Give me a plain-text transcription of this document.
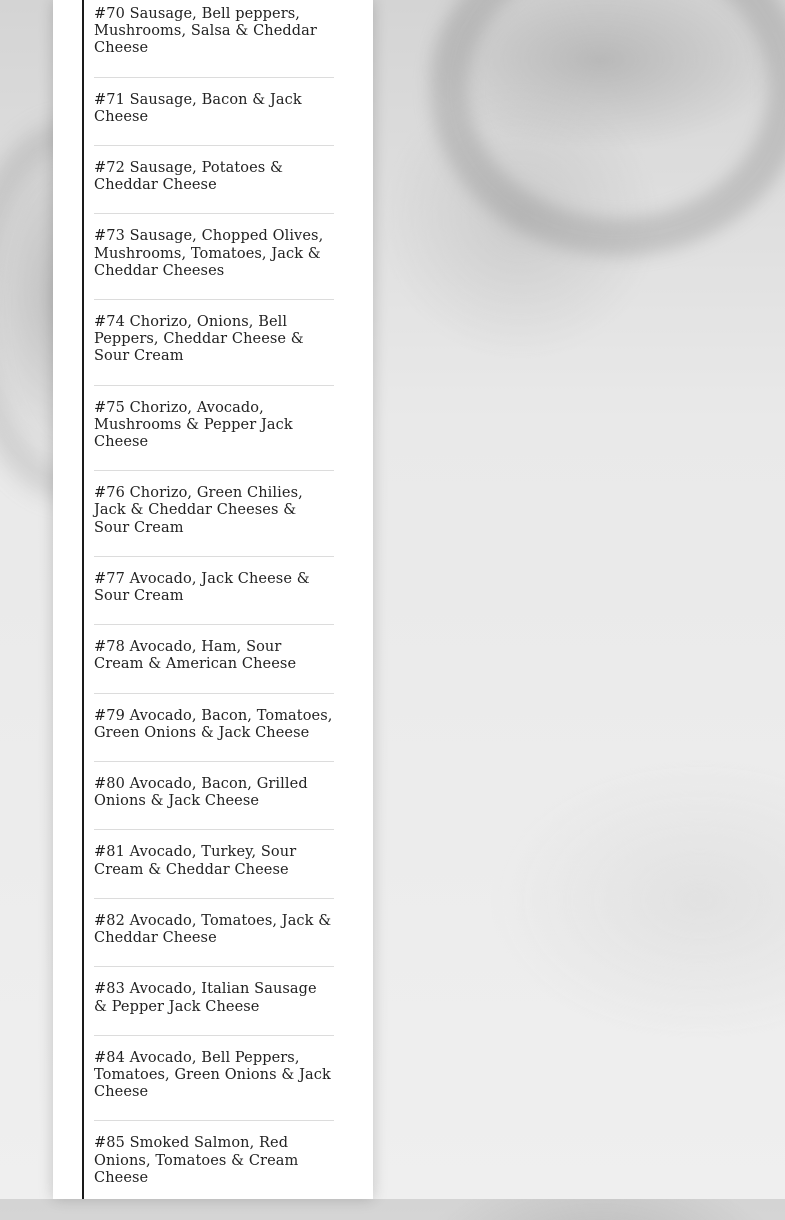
#70 Sausage, Bell peppers, Mushrooms, Salsa & Cheddar Cheese
#71 Sausage, Bacon & Jack Cheese
#72 Sausage, Potatoes & Cheddar Cheese
#73 Sausage, Chopped Olives, Mushrooms, Tomatoes, Jack & Cheddar Cheeses
#74 Chorizo, Onions, Bell Peppers, Cheddar Cheese & Sour Cream
#75 Chorizo, Avocado, Mushrooms & Pepper Jack Cheese
#76 Chorizo, Green Chilies, Jack & Cheddar Cheeses & Sour Cream
#77 Avocado, Jack Cheese & Sour Cream
#78 Avocado, Ham, Sour Cream & American Cheese
#79 Avocado, Bacon, Tomatoes, Green Onions & Jack Cheese
#80 Avocado, Bacon, Grilled Onions & Jack Cheese
#81 Avocado, Turkey, Sour Cream & Cheddar Cheese
#82 Avocado, Tomatoes, Jack & Cheddar Cheese
#83 Avocado, Italian Sausage & Pepper Jack Cheese
#84 Avocado, Bell Peppers, Tomatoes, Green Onions & Jack Cheese
#85 Smoked Salmon, Red Onions, Tomatoes & Cream Cheese
